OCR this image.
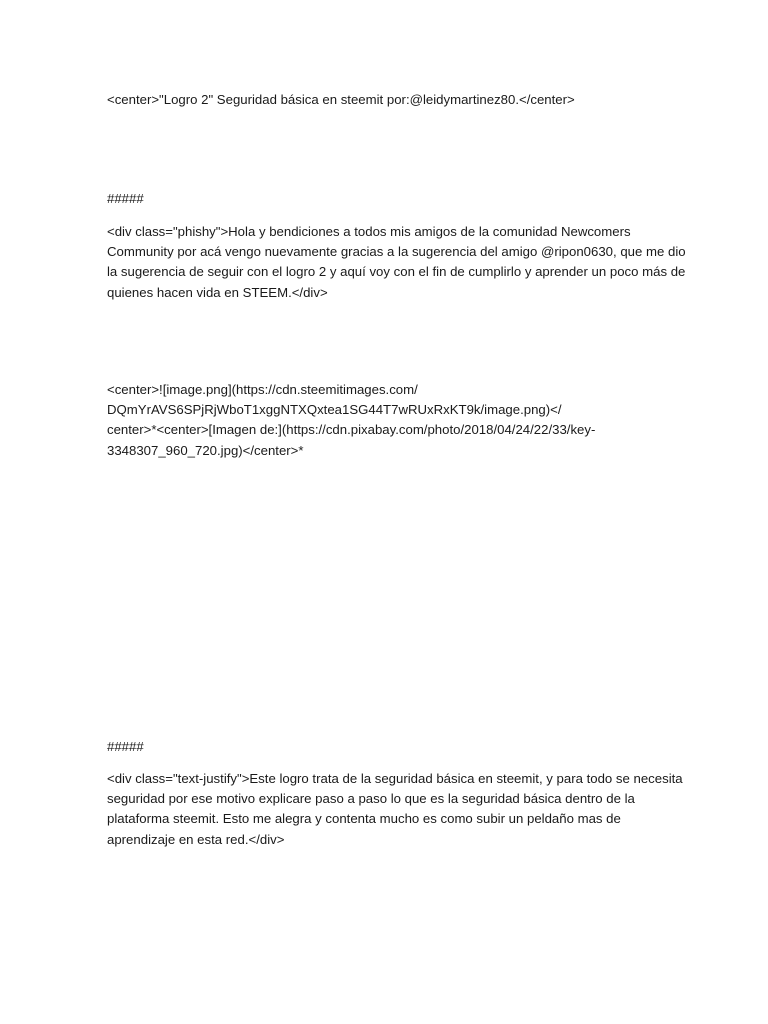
<center>"Logro 2" Seguridad básica en steemit por:@leidymartinez80.</center>
#####
<div class="phishy">Hola y bendiciones a todos mis amigos de la comunidad Newcomers
Community por acá vengo nuevamente gracias a la sugerencia del amigo @ripon0630, que me dio
la sugerencia de seguir con el logro 2 y aquí voy con el fin de cumplirlo y aprender un poco más de
quienes hacen vida en STEEM.</div>
<center>![image.png](https://cdn.steemitimages.com/
DQmYrAVS6SPjRjWboT1xggNTXQxtea1SG44T7wRUxRxKT9k/image.png)</
center>*<center>[Imagen de:](https://cdn.pixabay.com/photo/2018/04/24/22/33/key-
3348307_960_720.jpg)</center>*
#####
<div class="text-justify">Este logro trata de la seguridad básica en steemit, y para todo se necesita
seguridad por ese motivo explicare paso a paso lo que es la seguridad básica dentro de la
plataforma steemit. Esto me alegra y contenta mucho es como subir un peldaño mas de
aprendizaje en esta red.</div>
